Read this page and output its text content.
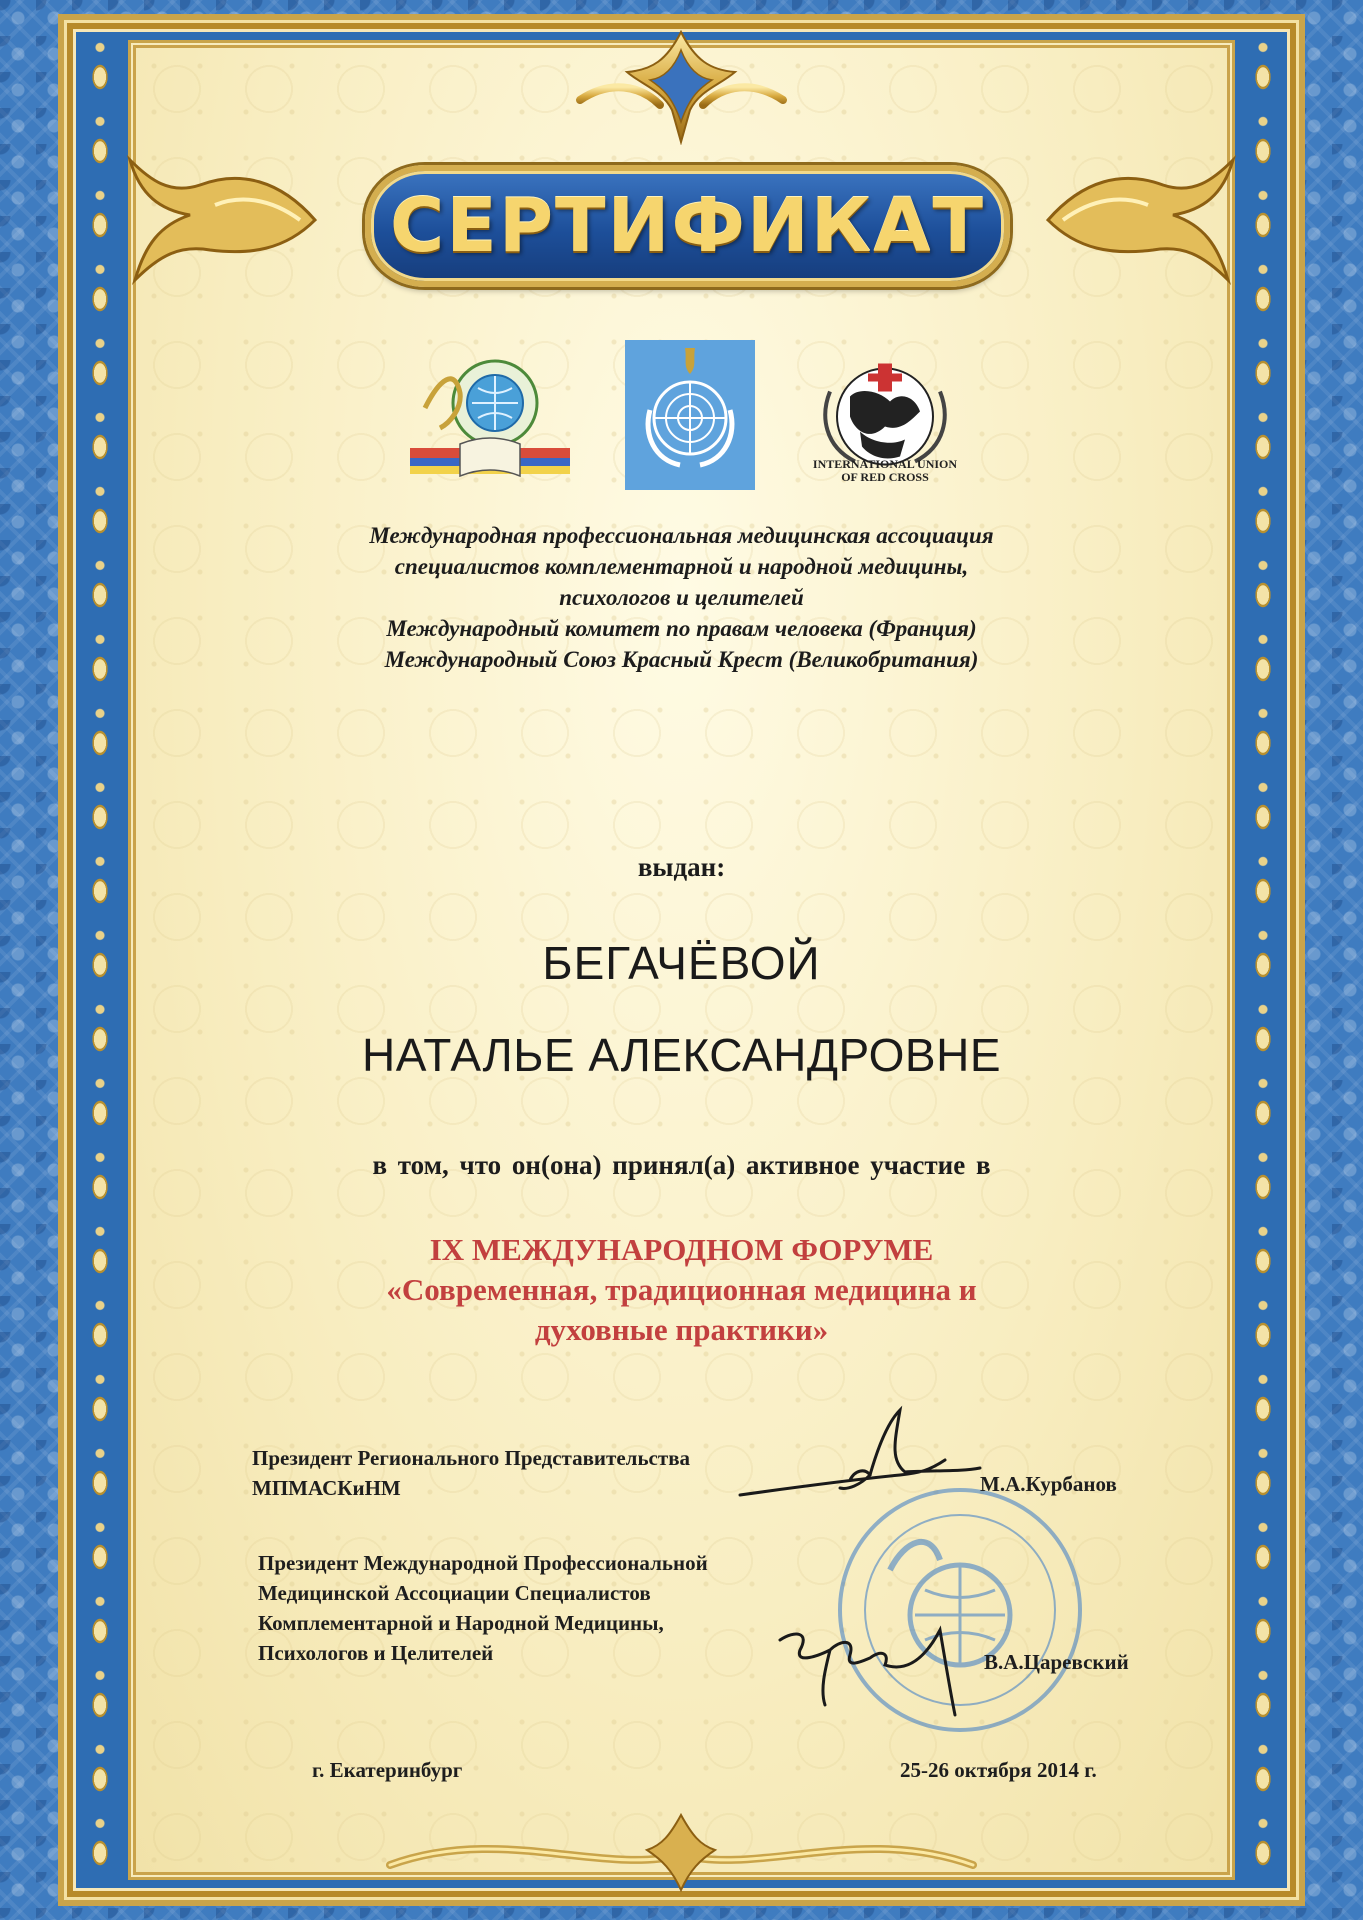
СЕРТИФИКАТ
INTERNATIONAL UNION
OF RED CROSS
Международная профессиональная медицинская ассоциация
специалистов комплементарной и народной медицины,
психологов и целителей
Международный комитет по правам человека (Франция)
Международный Союз Красный Крест (Великобритания)
выдан:
БЕГАЧЁВОЙ
НАТАЛЬЕ АЛЕКСАНДРОВНЕ
в том, что он(она) принял(а) активное участие в
IX МЕЖДУНАРОДНОМ ФОРУМЕ
«Современная, традиционная медицина и
духовные практики»
Президент Регионального Представительства
МПМАСКиНМ	М.А.Курбанов
Президент Международной Профессиональной
Медицинской Ассоциации Специалистов
Комплементарной и Народной Медицины,
Психологов и Целителей	В.А.Царевский
г. Екатеринбург	25-26 октября 2014 г.
